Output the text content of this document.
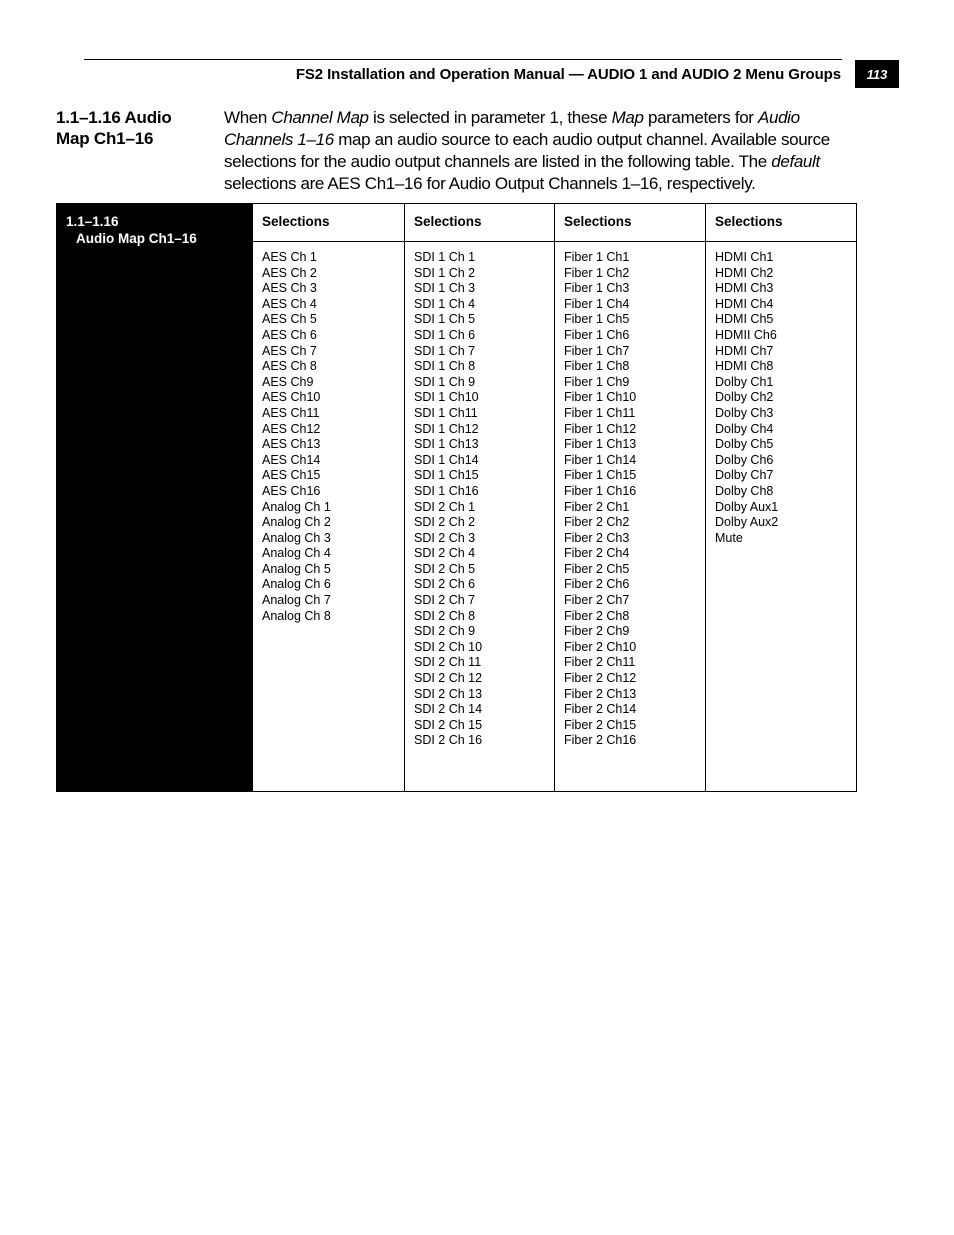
FS2 Installation and Operation Manual — AUDIO 1 and AUDIO 2 Menu Groups 113
1.1–1.16 Audio
Map Ch1–16
When Channel Map is selected in parameter 1, these Map parameters for Audio Channels 1–16 map an audio source to each audio output channel. Available source selections for the audio output channels are listed in the following table. The default selections are AES Ch1–16 for Audio Output Channels 1–16, respectively.
1.1–1.16
Audio Map Ch1–16
Selections
AES Ch 1
AES Ch 2
AES Ch 3
AES Ch 4
AES Ch 5
AES Ch 6
AES Ch 7
AES Ch 8
AES Ch9
AES Ch10
AES Ch11
AES Ch12
AES Ch13
AES Ch14
AES Ch15
AES Ch16
Analog Ch 1
Analog Ch 2
Analog Ch 3
Analog Ch 4
Analog Ch 5
Analog Ch 6
Analog Ch 7
Analog Ch 8
Selections
SDI 1 Ch 1
SDI 1 Ch 2
SDI 1 Ch 3
SDI 1 Ch 4
SDI 1 Ch 5
SDI 1 Ch 6
SDI 1 Ch 7
SDI 1 Ch 8
SDI 1 Ch 9
SDI 1 Ch10
SDI 1 Ch11
SDI 1 Ch12
SDI 1 Ch13
SDI 1 Ch14
SDI 1 Ch15
SDI 1 Ch16
SDI 2 Ch 1
SDI 2 Ch 2
SDI 2 Ch 3
SDI 2 Ch 4
SDI 2 Ch 5
SDI 2 Ch 6
SDI 2 Ch 7
SDI 2 Ch 8
SDI 2 Ch 9
SDI 2 Ch 10
SDI 2 Ch 11
SDI 2 Ch 12
SDI 2 Ch 13
SDI 2 Ch 14
SDI 2 Ch 15
SDI 2 Ch 16
Selections
Fiber 1 Ch1
Fiber 1 Ch2
Fiber 1 Ch3
Fiber 1 Ch4
Fiber 1 Ch5
Fiber 1 Ch6
Fiber 1 Ch7
Fiber 1 Ch8
Fiber 1 Ch9
Fiber 1 Ch10
Fiber 1 Ch11
Fiber 1 Ch12
Fiber 1 Ch13
Fiber 1 Ch14
Fiber 1 Ch15
Fiber 1 Ch16
Fiber 2 Ch1
Fiber 2 Ch2
Fiber 2 Ch3
Fiber 2 Ch4
Fiber 2 Ch5
Fiber 2 Ch6
Fiber 2 Ch7
Fiber 2 Ch8
Fiber 2 Ch9
Fiber 2 Ch10
Fiber 2 Ch11
Fiber 2 Ch12
Fiber 2 Ch13
Fiber 2 Ch14
Fiber 2 Ch15
Fiber 2 Ch16
Selections
HDMI Ch1
HDMI Ch2
HDMI Ch3
HDMI Ch4
HDMI Ch5
HDMII Ch6
HDMI Ch7
HDMI Ch8
Dolby Ch1
Dolby Ch2
Dolby Ch3
Dolby Ch4
Dolby Ch5
Dolby Ch6
Dolby Ch7
Dolby Ch8
Dolby Aux1
Dolby Aux2
Mute
